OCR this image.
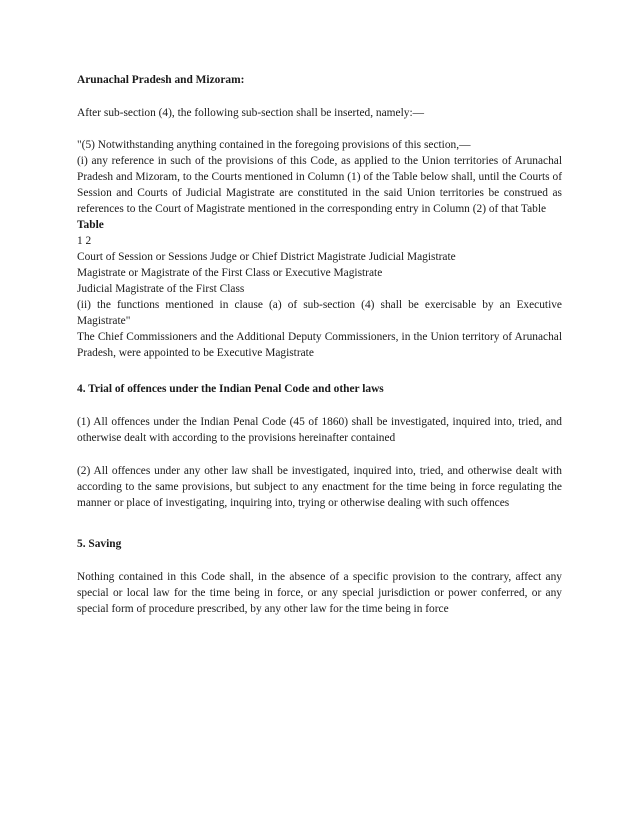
Arunachal Pradesh and Mizoram:
After sub-section (4), the following sub-section shall be inserted, namely:—
"(5) Notwithstanding anything contained in the foregoing provisions of this section,—
(i) any reference in such of the provisions of this Code, as applied to the Union territories of Arunachal Pradesh and Mizoram, to the Courts mentioned in Column (1) of the Table below shall, until the Courts of Session and Courts of Judicial Magistrate are constituted in the said Union territories be construed as references to the Court of Magistrate mentioned in the corresponding entry in Column (2) of that Table
Table
1 2
Court of Session or Sessions Judge or Chief District Magistrate Judicial Magistrate
Magistrate or Magistrate of the First Class or Executive Magistrate
Judicial Magistrate of the First Class
(ii) the functions mentioned in clause (a) of sub-section (4) shall be exercisable by an Executive Magistrate"
The Chief Commissioners and the Additional Deputy Commissioners, in the Union territory of Arunachal Pradesh, were appointed to be Executive Magistrate
4. Trial of offences under the Indian Penal Code and other laws
(1) All offences under the Indian Penal Code (45 of 1860) shall be investigated, inquired into, tried, and otherwise dealt with according to the provisions hereinafter contained
(2) All offences under any other law shall be investigated, inquired into, tried, and otherwise dealt with according to the same provisions, but subject to any enactment for the time being in force regulating the manner or place of investigating, inquiring into, trying or otherwise dealing with such offences
5. Saving
Nothing contained in this Code shall, in the absence of a specific provision to the contrary, affect any special or local law for the time being in force, or any special jurisdiction or power conferred, or any special form of procedure prescribed, by any other law for the time being in force
